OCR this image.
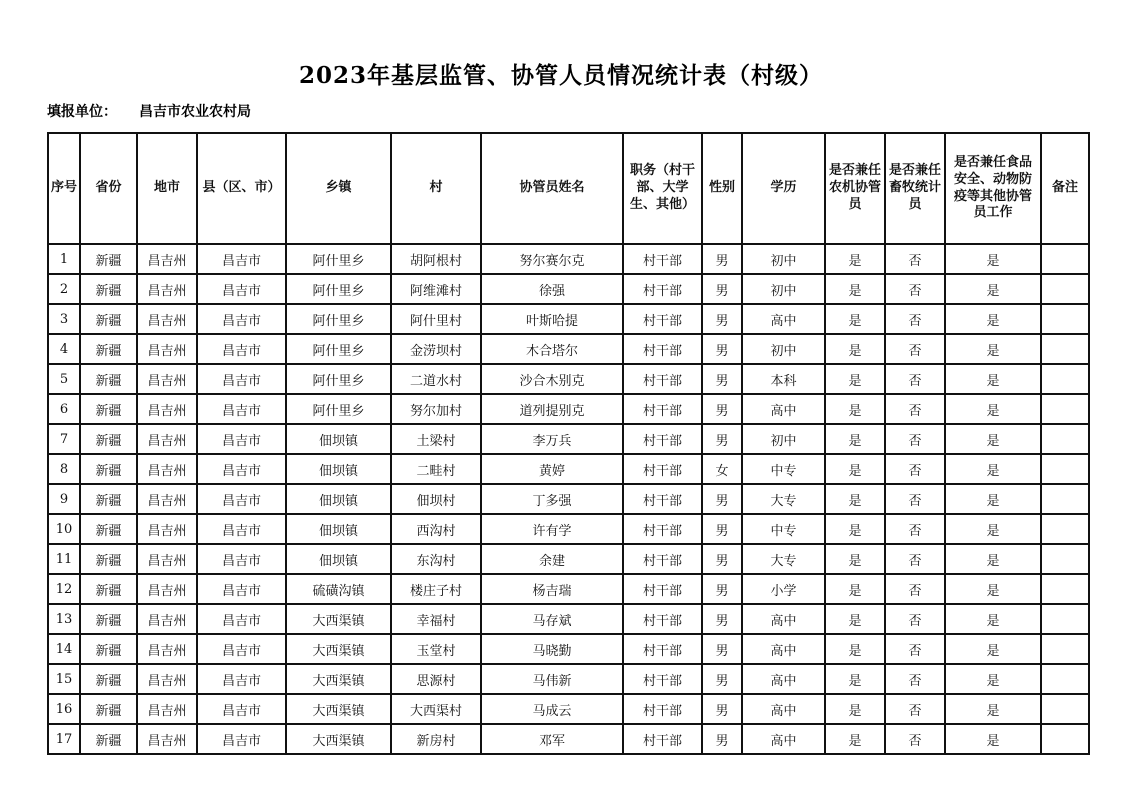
2023年基层监管、协管人员情况统计表（村级）
填报单位： 昌吉市农业农村局
序号	省份	地市	县（区、市）	乡镇	村	协管员姓名	职务（村干部、大学生、其他）	性别	学历	是否兼任农机协管员	是否兼任畜牧统计员	是否兼任食品安全、动物防疫等其他协管员工作	备注
1	新疆	昌吉州	昌吉市	阿什里乡	胡阿根村	努尔赛尔克	村干部	男	初中	是	否	是	
2	新疆	昌吉州	昌吉市	阿什里乡	阿维滩村	徐强	村干部	男	初中	是	否	是	
3	新疆	昌吉州	昌吉市	阿什里乡	阿什里村	叶斯哈提	村干部	男	高中	是	否	是	
4	新疆	昌吉州	昌吉市	阿什里乡	金涝坝村	木合塔尔	村干部	男	初中	是	否	是	
5	新疆	昌吉州	昌吉市	阿什里乡	二道水村	沙合木别克	村干部	男	本科	是	否	是	
6	新疆	昌吉州	昌吉市	阿什里乡	努尔加村	道列提别克	村干部	男	高中	是	否	是	
7	新疆	昌吉州	昌吉市	佃坝镇	土梁村	李万兵	村干部	男	初中	是	否	是	
8	新疆	昌吉州	昌吉市	佃坝镇	二畦村	黄婷	村干部	女	中专	是	否	是	
9	新疆	昌吉州	昌吉市	佃坝镇	佃坝村	丁多强	村干部	男	大专	是	否	是	
10	新疆	昌吉州	昌吉市	佃坝镇	西沟村	许有学	村干部	男	中专	是	否	是	
11	新疆	昌吉州	昌吉市	佃坝镇	东沟村	余建	村干部	男	大专	是	否	是	
12	新疆	昌吉州	昌吉市	硫磺沟镇	楼庄子村	杨吉瑞	村干部	男	小学	是	否	是	
13	新疆	昌吉州	昌吉市	大西渠镇	幸福村	马存斌	村干部	男	高中	是	否	是	
14	新疆	昌吉州	昌吉市	大西渠镇	玉堂村	马晓勤	村干部	男	高中	是	否	是	
15	新疆	昌吉州	昌吉市	大西渠镇	思源村	马伟新	村干部	男	高中	是	否	是	
16	新疆	昌吉州	昌吉市	大西渠镇	大西渠村	马成云	村干部	男	高中	是	否	是	
17	新疆	昌吉州	昌吉市	大西渠镇	新房村	邓军	村干部	男	高中	是	否	是	
